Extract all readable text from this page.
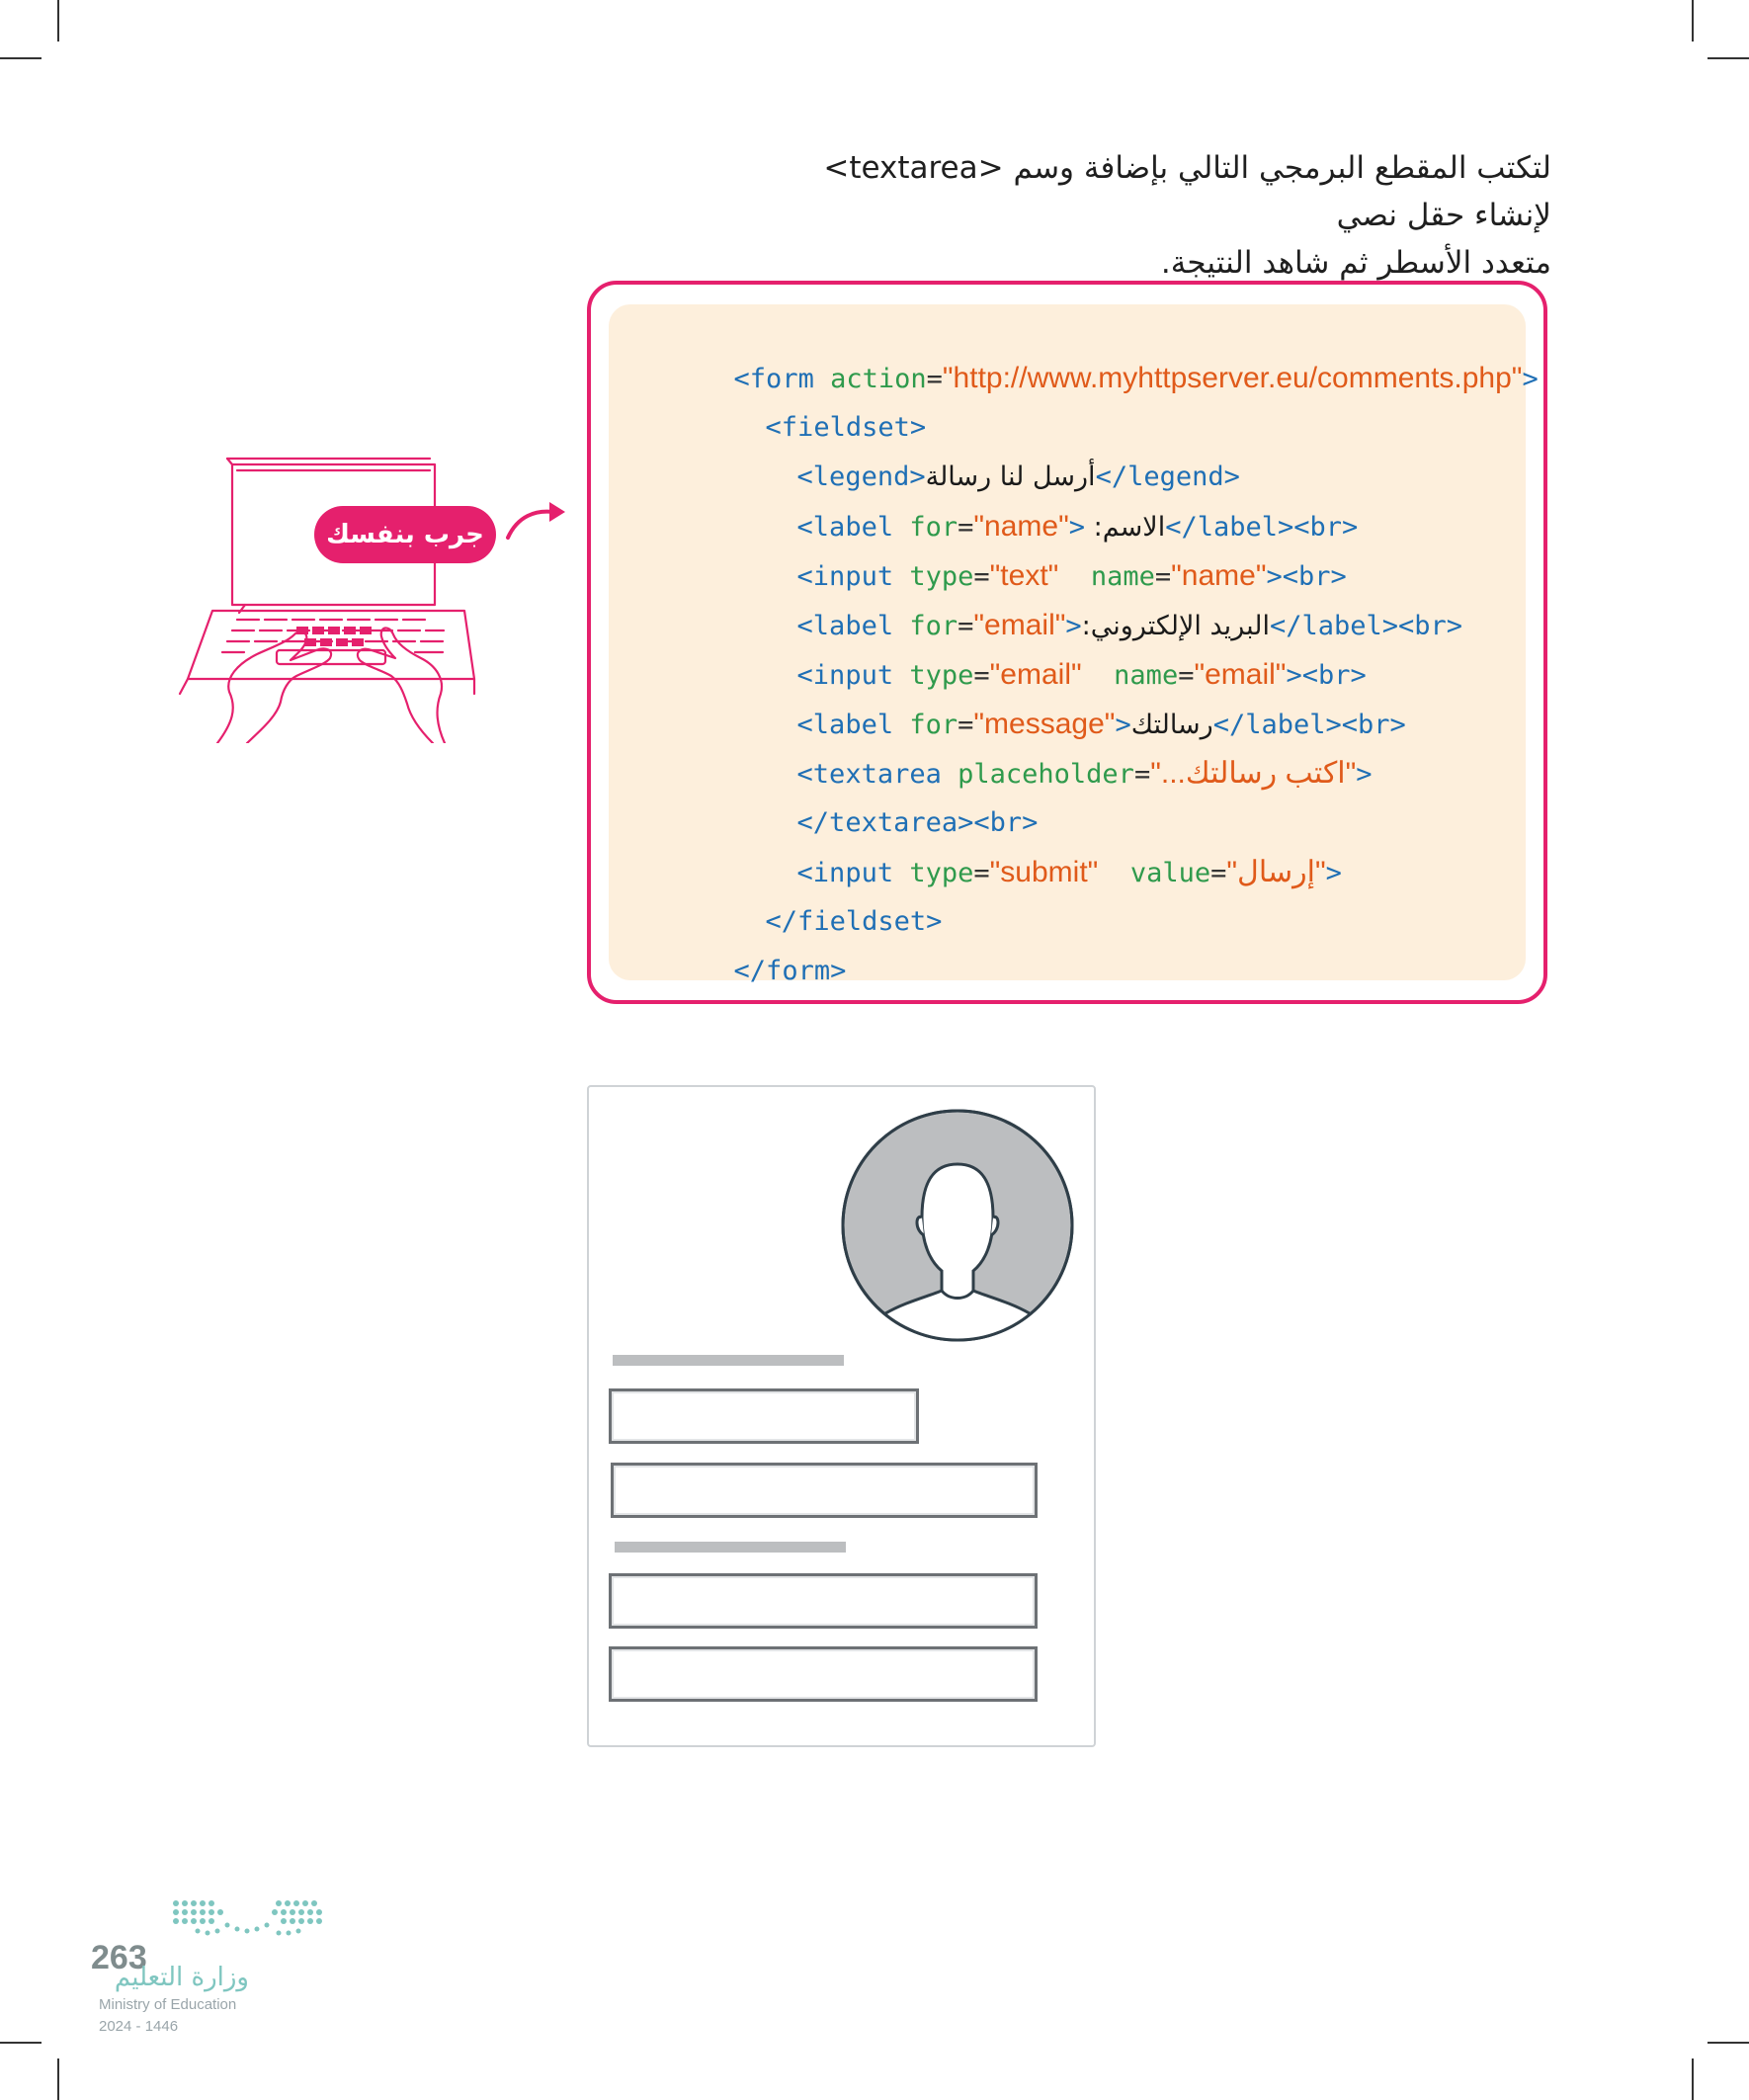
لتكتب المقطع البرمجي التالي بإضافة وسم <textarea> لإنشاء حقل نصي

متعدد الأسطر ثم شاهد النتيجة.

جرب بنفسك

<form action="http://www.myhttpserver.eu/comments.php">

<fieldset>

<legend>أرسل لنا رسالة</legend>

<label for="name"> :الاسم</label><br>

<input type="text" name="name"><br>

<label for="email">:البريد الإلكتروني</label><br>

<input type="email" name="email"><br>

<label for="message">رسالتك</label><br>

<textarea placeholder="...اكتب رسالتك">

</textarea><br>

<input type="submit" value="إرسال">

</fieldset>

</form>

263
وزارة التعليم
Ministry of Education
2024 - 1446
